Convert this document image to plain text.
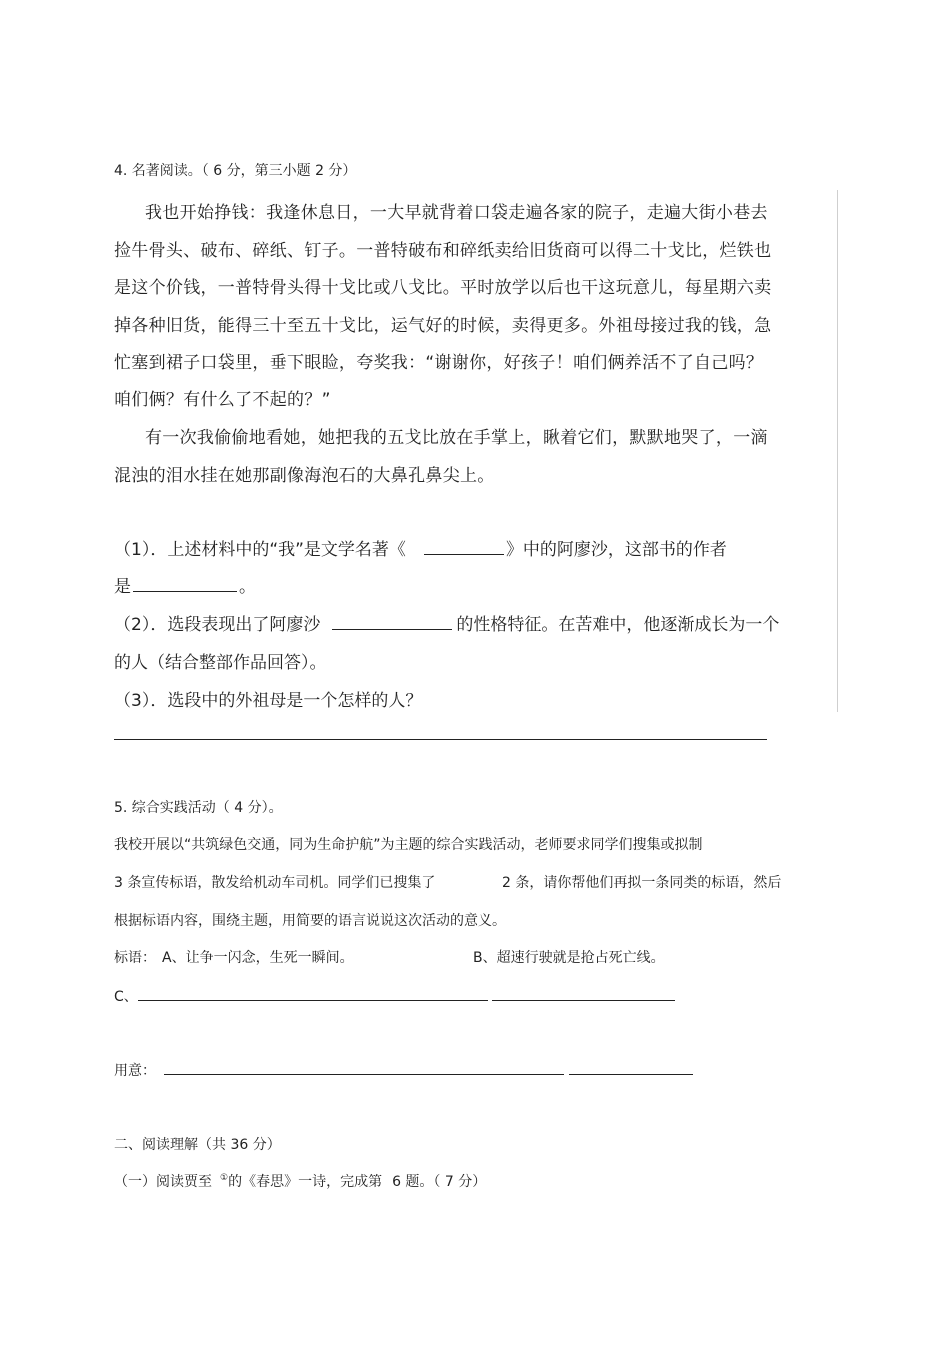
4. 名著阅读。（ 6 分，第三小题 2 分）
我也开始挣钱：我逢休息日，一大早就背着口袋走遍各家的院子，走遍大街小巷去
捡牛骨头、破布、碎纸、钉子。一普特破布和碎纸卖给旧货商可以得二十戈比，烂铁也
是这个价钱，一普特骨头得十戈比或八戈比。平时放学以后也干这玩意儿，每星期六卖
掉各种旧货，能得三十至五十戈比，运气好的时候，卖得更多。外祖母接过我的钱，急
忙塞到裙子口袋里，垂下眼睑，夸奖我：“谢谢你，好孩子！咱们俩养活不了自己吗？
咱们俩？有什么了不起的？”
有一次我偷偷地看她，她把我的五戈比放在手掌上，瞅着它们，默默地哭了，一滴
混浊的泪水挂在她那副像海泡石的大鼻孔鼻尖上。
（1）．上述材料中的“我”是文学名著《	》中的阿廖沙，这部书的作者
是	。
（2）．选段表现出了阿廖沙	的性格特征。在苦难中，他逐渐成长为一个
的人（结合整部作品回答）。
（3）．选段中的外祖母是一个怎样的人？
5. 综合实践活动（ 4 分）。
我校开展以“共筑绿色交通，同为生命护航”为主题的综合实践活动，老师要求同学们搜集或拟制
3 条宣传标语，散发给机动车司机。同学们已搜集了	2 条，请你帮他们再拟一条同类的标语，然后
根据标语内容，围绕主题，用简要的语言说说这次活动的意义。
标语： A、让争一闪念，生死一瞬间。	B、超速行驶就是抢占死亡线。
C、
用意：
二、阅读理解（共 36 分）
（一）阅读贾至 ①的《春思》一诗，完成第 6 题。（ 7 分）
